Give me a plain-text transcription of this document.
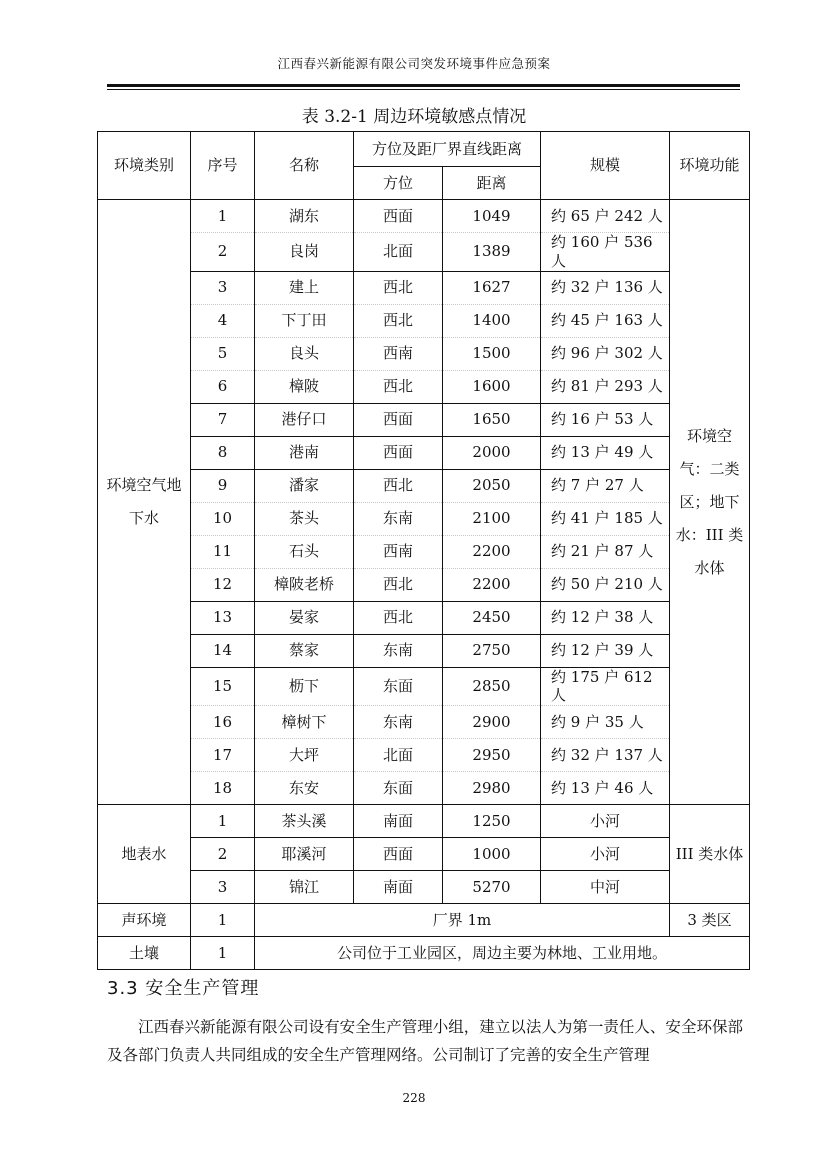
江西春兴新能源有限公司突发环境事件应急预案
表 3.2-1 周边环境敏感点情况
环境类别	序号	名称	方位及距厂界直线距离		规模	环境功能
			方位	距离		
环境空气地下水	1	湖东	西面	1049	约 65 户 242 人	环境空气：二类区；地下水：III 类水体
	2	良岗	北面	1389	约 160 户 536 人	
	3	建上	西北	1627	约 32 户 136 人	
	4	下丁田	西北	1400	约 45 户 163 人	
	5	良头	西南	1500	约 96 户 302 人	
	6	樟陂	西北	1600	约 81 户 293 人	
	7	港仔口	西面	1650	约 16 户 53 人	
	8	港南	西面	2000	约 13 户 49 人	
	9	潘家	西北	2050	约 7 户 27 人	
	10	茶头	东南	2100	约 41 户 185 人	
	11	石头	西南	2200	约 21 户 87 人	
	12	樟陂老桥	西北	2200	约 50 户 210 人	
	13	晏家	西北	2450	约 12 户 38 人	
	14	蔡家	东南	2750	约 12 户 39 人	
	15	枥下	东面	2850	约 175 户 612 人	
	16	樟树下	东南	2900	约 9 户 35 人	
	17	大坪	北面	2950	约 32 户 137 人	
	18	东安	东面	2980	约 13 户 46 人	
地表水	1	茶头溪	南面	1250	小河	III 类水体
	2	耶溪河	西面	1000	小河	
	3	锦江	南面	5270	中河	
声环境	1	厂界 1m				3 类区
土壤	1	公司位于工业园区，周边主要为林地、工业用地。				
3.3 安全生产管理

江西春兴新能源有限公司设有安全生产管理小组，建立以法人为第一责任人、安全环保部及各部门负责人共同组成的安全生产管理网络。公司制订了完善的安全生产管理

228
